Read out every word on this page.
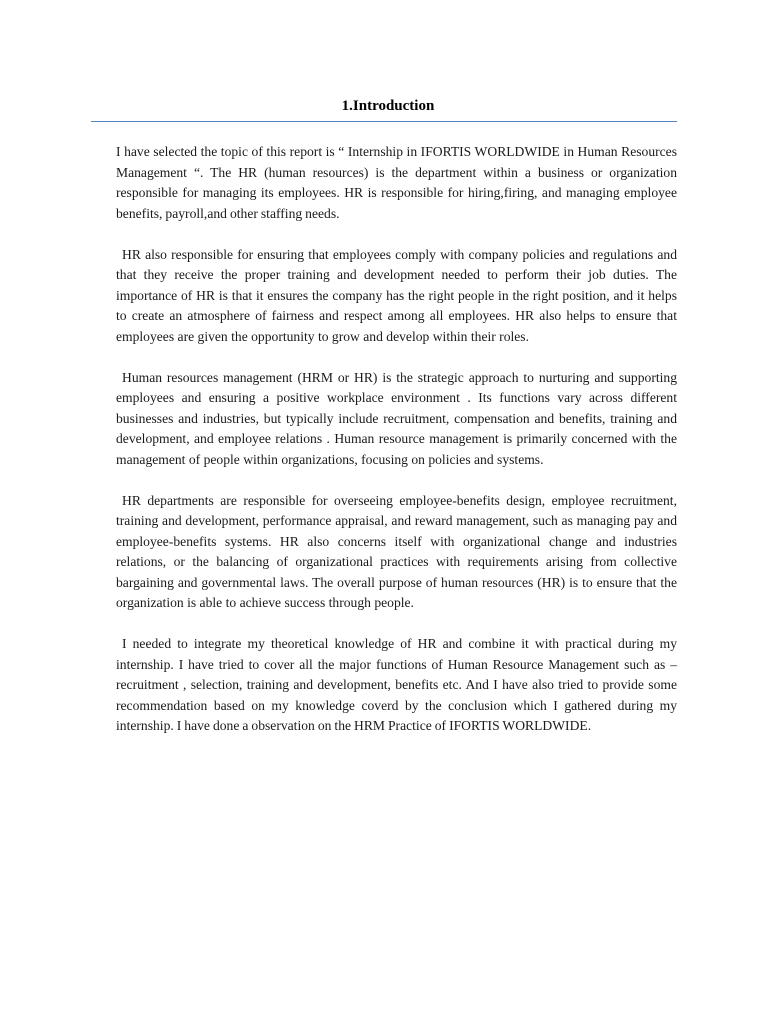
1.Introduction

I have selected the topic of this report is “ Internship in IFORTIS WORLDWIDE in Human Resources Management “. The HR (human resources) is the department within a business or organization responsible for managing its employees. HR is responsible for hiring,firing, and managing employee benefits, payroll,and other staffing needs.

HR also responsible for ensuring that employees comply with company policies and regulations and that they receive the proper training and development needed to perform their job duties. The importance of HR is that it ensures the company has the right people in the right position, and it helps to create an atmosphere of fairness and respect among all employees. HR also helps to ensure that employees are given the opportunity to grow and develop within their roles.

Human resources management (HRM or HR) is the strategic approach to nurturing and supporting employees and ensuring a positive workplace environment . Its functions vary across different businesses and industries, but typically include recruitment, compensation and benefits, training and development, and employee relations . Human resource management is primarily concerned with the management of people within organizations, focusing on policies and systems.

HR departments are responsible for overseeing employee-benefits design, employee recruitment, training and development, performance appraisal, and reward management, such as managing pay and employee-benefits systems. HR also concerns itself with organizational change and industries relations, or the balancing of organizational practices with requirements arising from collective bargaining and governmental laws. The overall purpose of human resources (HR) is to ensure that the organization is able to achieve success through people.

I needed to integrate my theoretical knowledge of HR and combine it with practical during my internship. I have tried to cover all the major functions of Human Resource Management such as – recruitment , selection, training and development, benefits etc. And I have also tried to provide some recommendation based on my knowledge coverd by the conclusion which I gathered during my internship. I have done a observation on the HRM Practice of IFORTIS WORLDWIDE.
